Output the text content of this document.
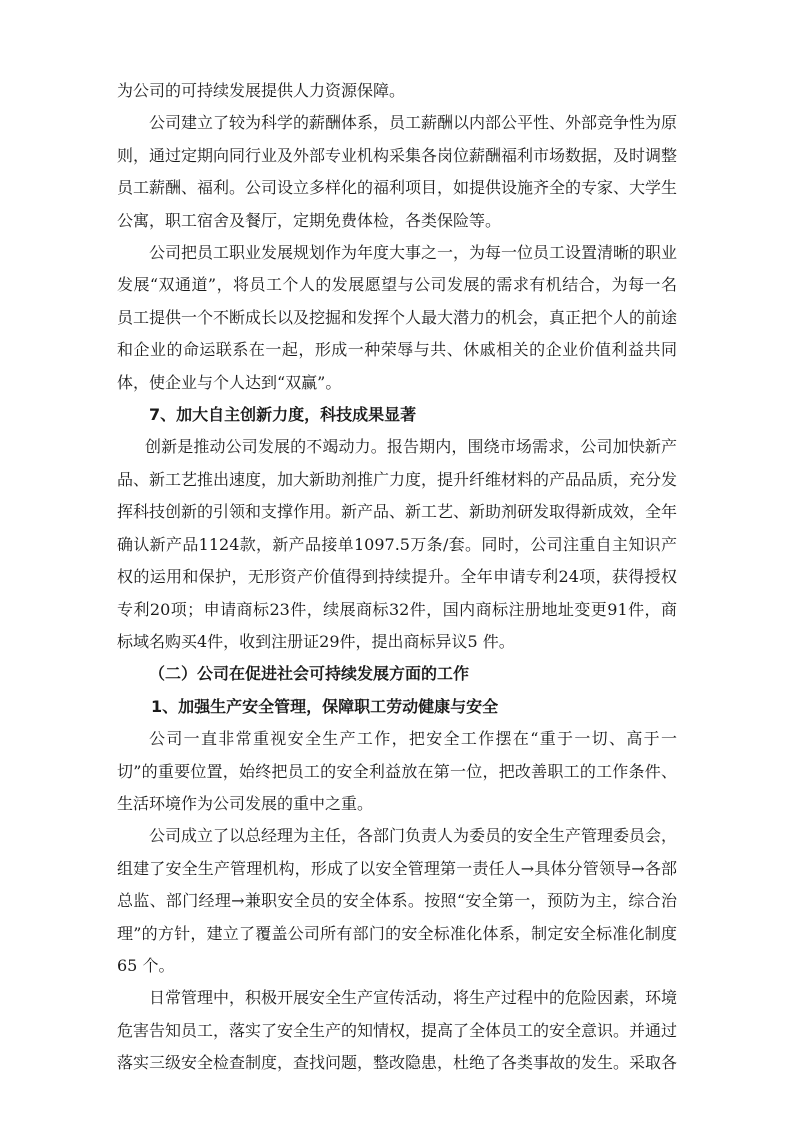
为公司的可持续发展提供人力资源保障。

公司建立了较为科学的薪酬体系，员工薪酬以内部公平性、外部竞争性为原则，通过定期向同行业及外部专业机构采集各岗位薪酬福利市场数据，及时调整员工薪酬、福利。公司设立多样化的福利项目，如提供设施齐全的专家、大学生公寓，职工宿舍及餐厅，定期免费体检，各类保险等。

公司把员工职业发展规划作为年度大事之一，为每一位员工设置清晰的职业发展“双通道”，将员工个人的发展愿望与公司发展的需求有机结合，为每一名员工提供一个不断成长以及挖掘和发挥个人最大潜力的机会，真正把个人的前途和企业的命运联系在一起，形成一种荣辱与共、休戚相关的企业价值利益共同体，使企业与个人达到“双赢”。

7、加大自主创新力度，科技成果显著

创新是推动公司发展的不竭动力。报告期内，围绕市场需求，公司加快新产品、新工艺推出速度，加大新助剂推广力度，提升纤维材料的产品品质，充分发挥科技创新的引领和支撑作用。新产品、新工艺、新助剂研发取得新成效，全年确认新产品1124款，新产品接单1097.5万条/套。同时，公司注重自主知识产权的运用和保护，无形资产价值得到持续提升。全年申请专利24项，获得授权专利20项；申请商标23件，续展商标32件，国内商标注册地址变更91件，商标域名购买4件，收到注册证29件，提出商标异议5 件。

（二）公司在促进社会可持续发展方面的工作

1、加强生产安全管理，保障职工劳动健康与安全

公司一直非常重视安全生产工作，把安全工作摆在“重于一切、高于一切”的重要位置，始终把员工的安全利益放在第一位，把改善职工的工作条件、生活环境作为公司发展的重中之重。

公司成立了以总经理为主任，各部门负责人为委员的安全生产管理委员会，组建了安全生产管理机构，形成了以安全管理第一责任人→具体分管领导→各部总监、部门经理→兼职安全员的安全体系。按照“安全第一，预防为主，综合治理”的方针，建立了覆盖公司所有部门的安全标准化体系，制定安全标准化制度65 个。

日常管理中，积极开展安全生产宣传活动，将生产过程中的危险因素，环境危害告知员工，落实了安全生产的知情权，提高了全体员工的安全意识。并通过落实三级安全检查制度，查找问题，整改隐患，杜绝了各类事故的发生。采取各
